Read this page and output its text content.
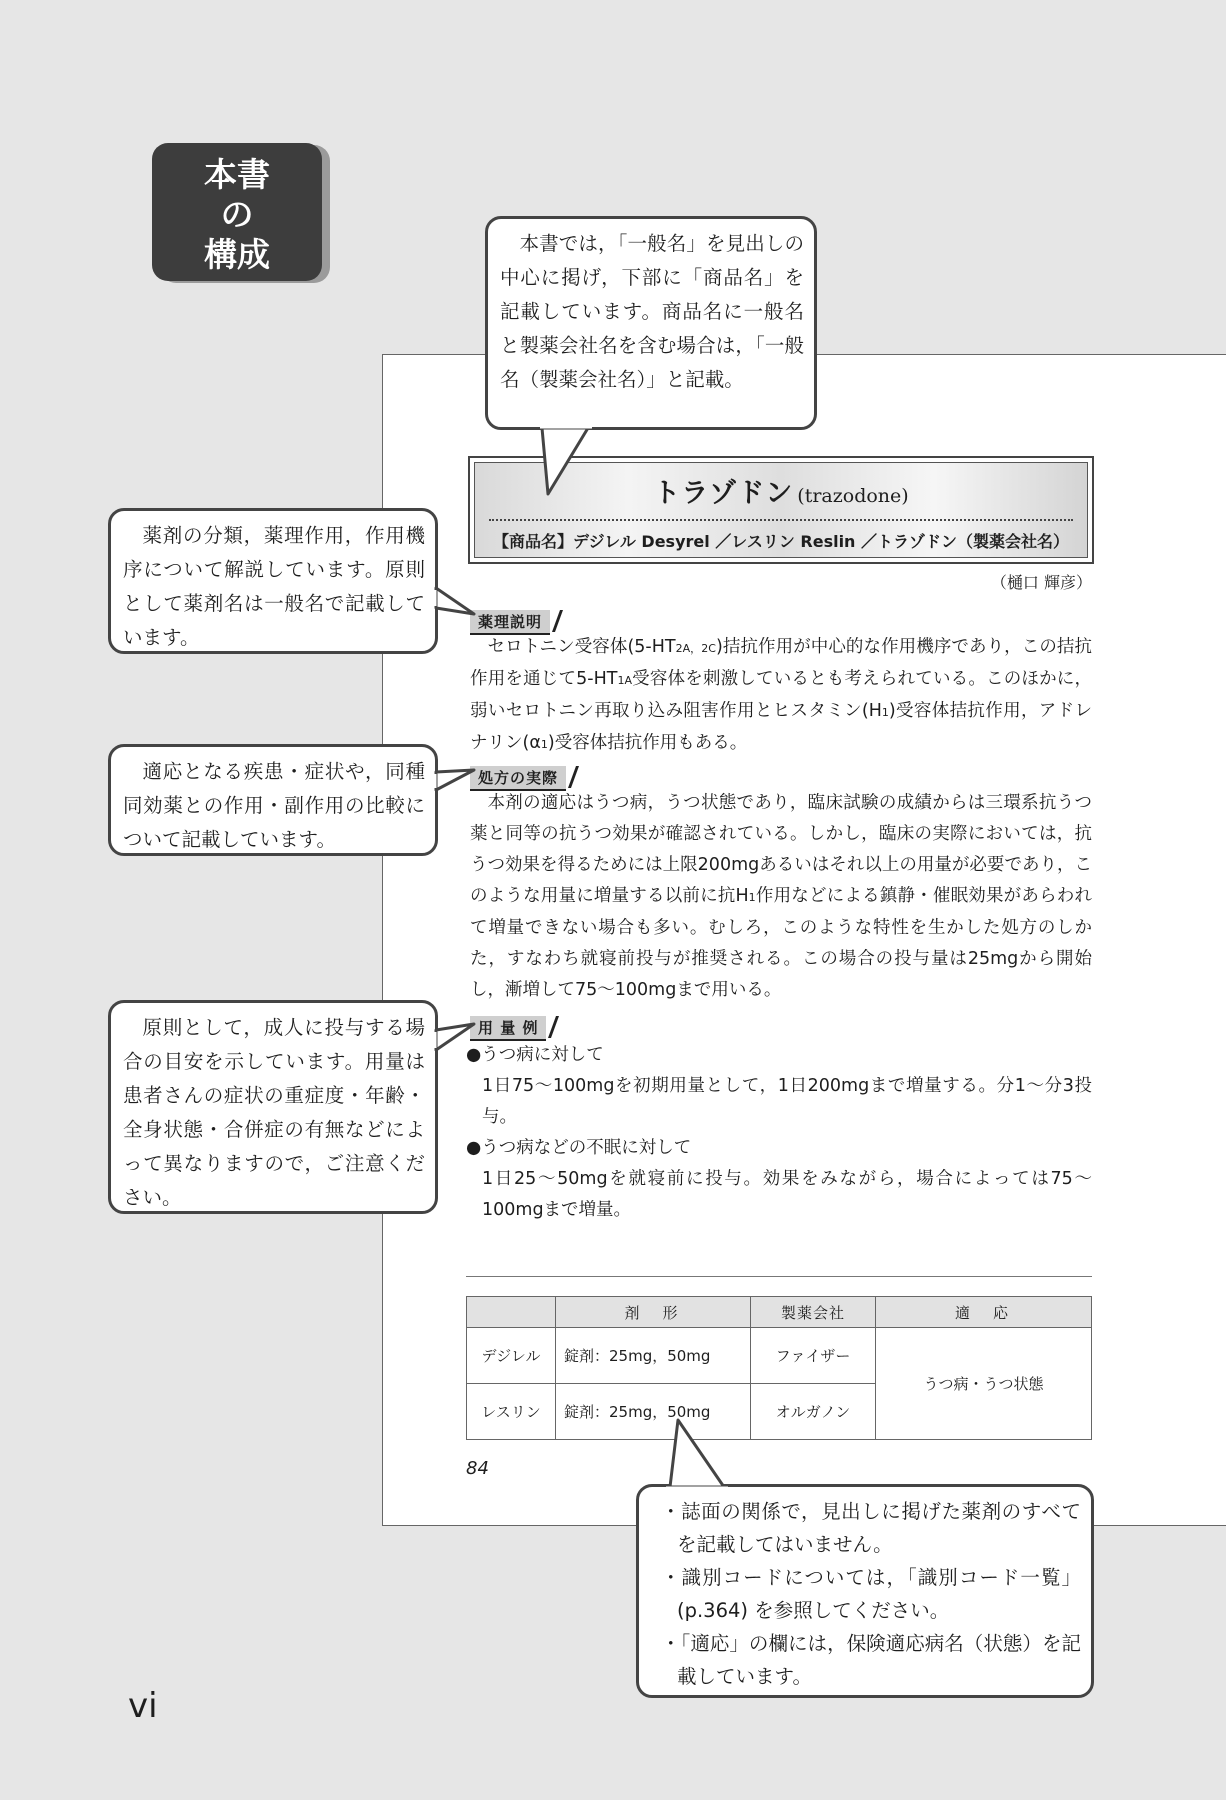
本書
の
構成
トラゾドン (trazodone)
【商品名】デジレル Desyrel ／レスリン Reslin ／トラゾドン（製薬会社名）
（樋口 輝彦）
薬理説明

セロトニン受容体(5-HT2A，2C)拮抗作用が中心的な作用機序であり，この拮抗作用を通じて5-HT1A受容体を刺激しているとも考えられている。このほかに，弱いセロトニン再取り込み阻害作用とヒスタミン(H1)受容体拮抗作用，アドレナリン(α1)受容体拮抗作用もある。

処方の実際

本剤の適応はうつ病，うつ状態であり，臨床試験の成績からは三環系抗うつ薬と同等の抗うつ効果が確認されている。しかし，臨床の実際においては，抗うつ効果を得るためには上限200mgあるいはそれ以上の用量が必要であり，このような用量に増量する以前に抗H1作用などによる鎮静・催眠効果があらわれて増量できない場合も多い。むしろ，このような特性を生かした処方のしかた，すなわち就寝前投与が推奨される。この場合の投与量は25mgから開始し，漸増して75〜100mgまで用いる。

用 量 例
●うつ病に対して
1日75〜100mgを初期用量として，1日200mgまで増量する。分1〜分3投与。
●うつ病などの不眠に対して
1日25〜50mgを就寝前に投与。効果をみながら，場合によっては75〜100mgまで増量。
	剤　形	製薬会社	適　応
デジレル	錠剤：25mg，50mg	ファイザー	うつ病・うつ状態
レスリン	錠剤：25mg，50mg	オルガノン	
84

本書では，「一般名」を見出しの中心に掲げ，下部に「商品名」を記載しています。商品名に一般名と製薬会社名を含む場合は，「一般名（製薬会社名）」と記載。

薬剤の分類，薬理作用，作用機序について解説しています。原則として薬剤名は一般名で記載しています。

適応となる疾患・症状や，同種同効薬との作用・副作用の比較について記載しています。

原則として，成人に投与する場合の目安を示しています。用量は患者さんの症状の重症度・年齢・全身状態・合併症の有無などによって異なりますので，ご注意ください。

・誌面の関係で，見出しに掲げた薬剤のすべてを記載してはいません。
・識別コードについては，「識別コード一覧」(p.364) を参照してください。
・「適応」の欄には，保険適応病名（状態）を記載しています。
vi
